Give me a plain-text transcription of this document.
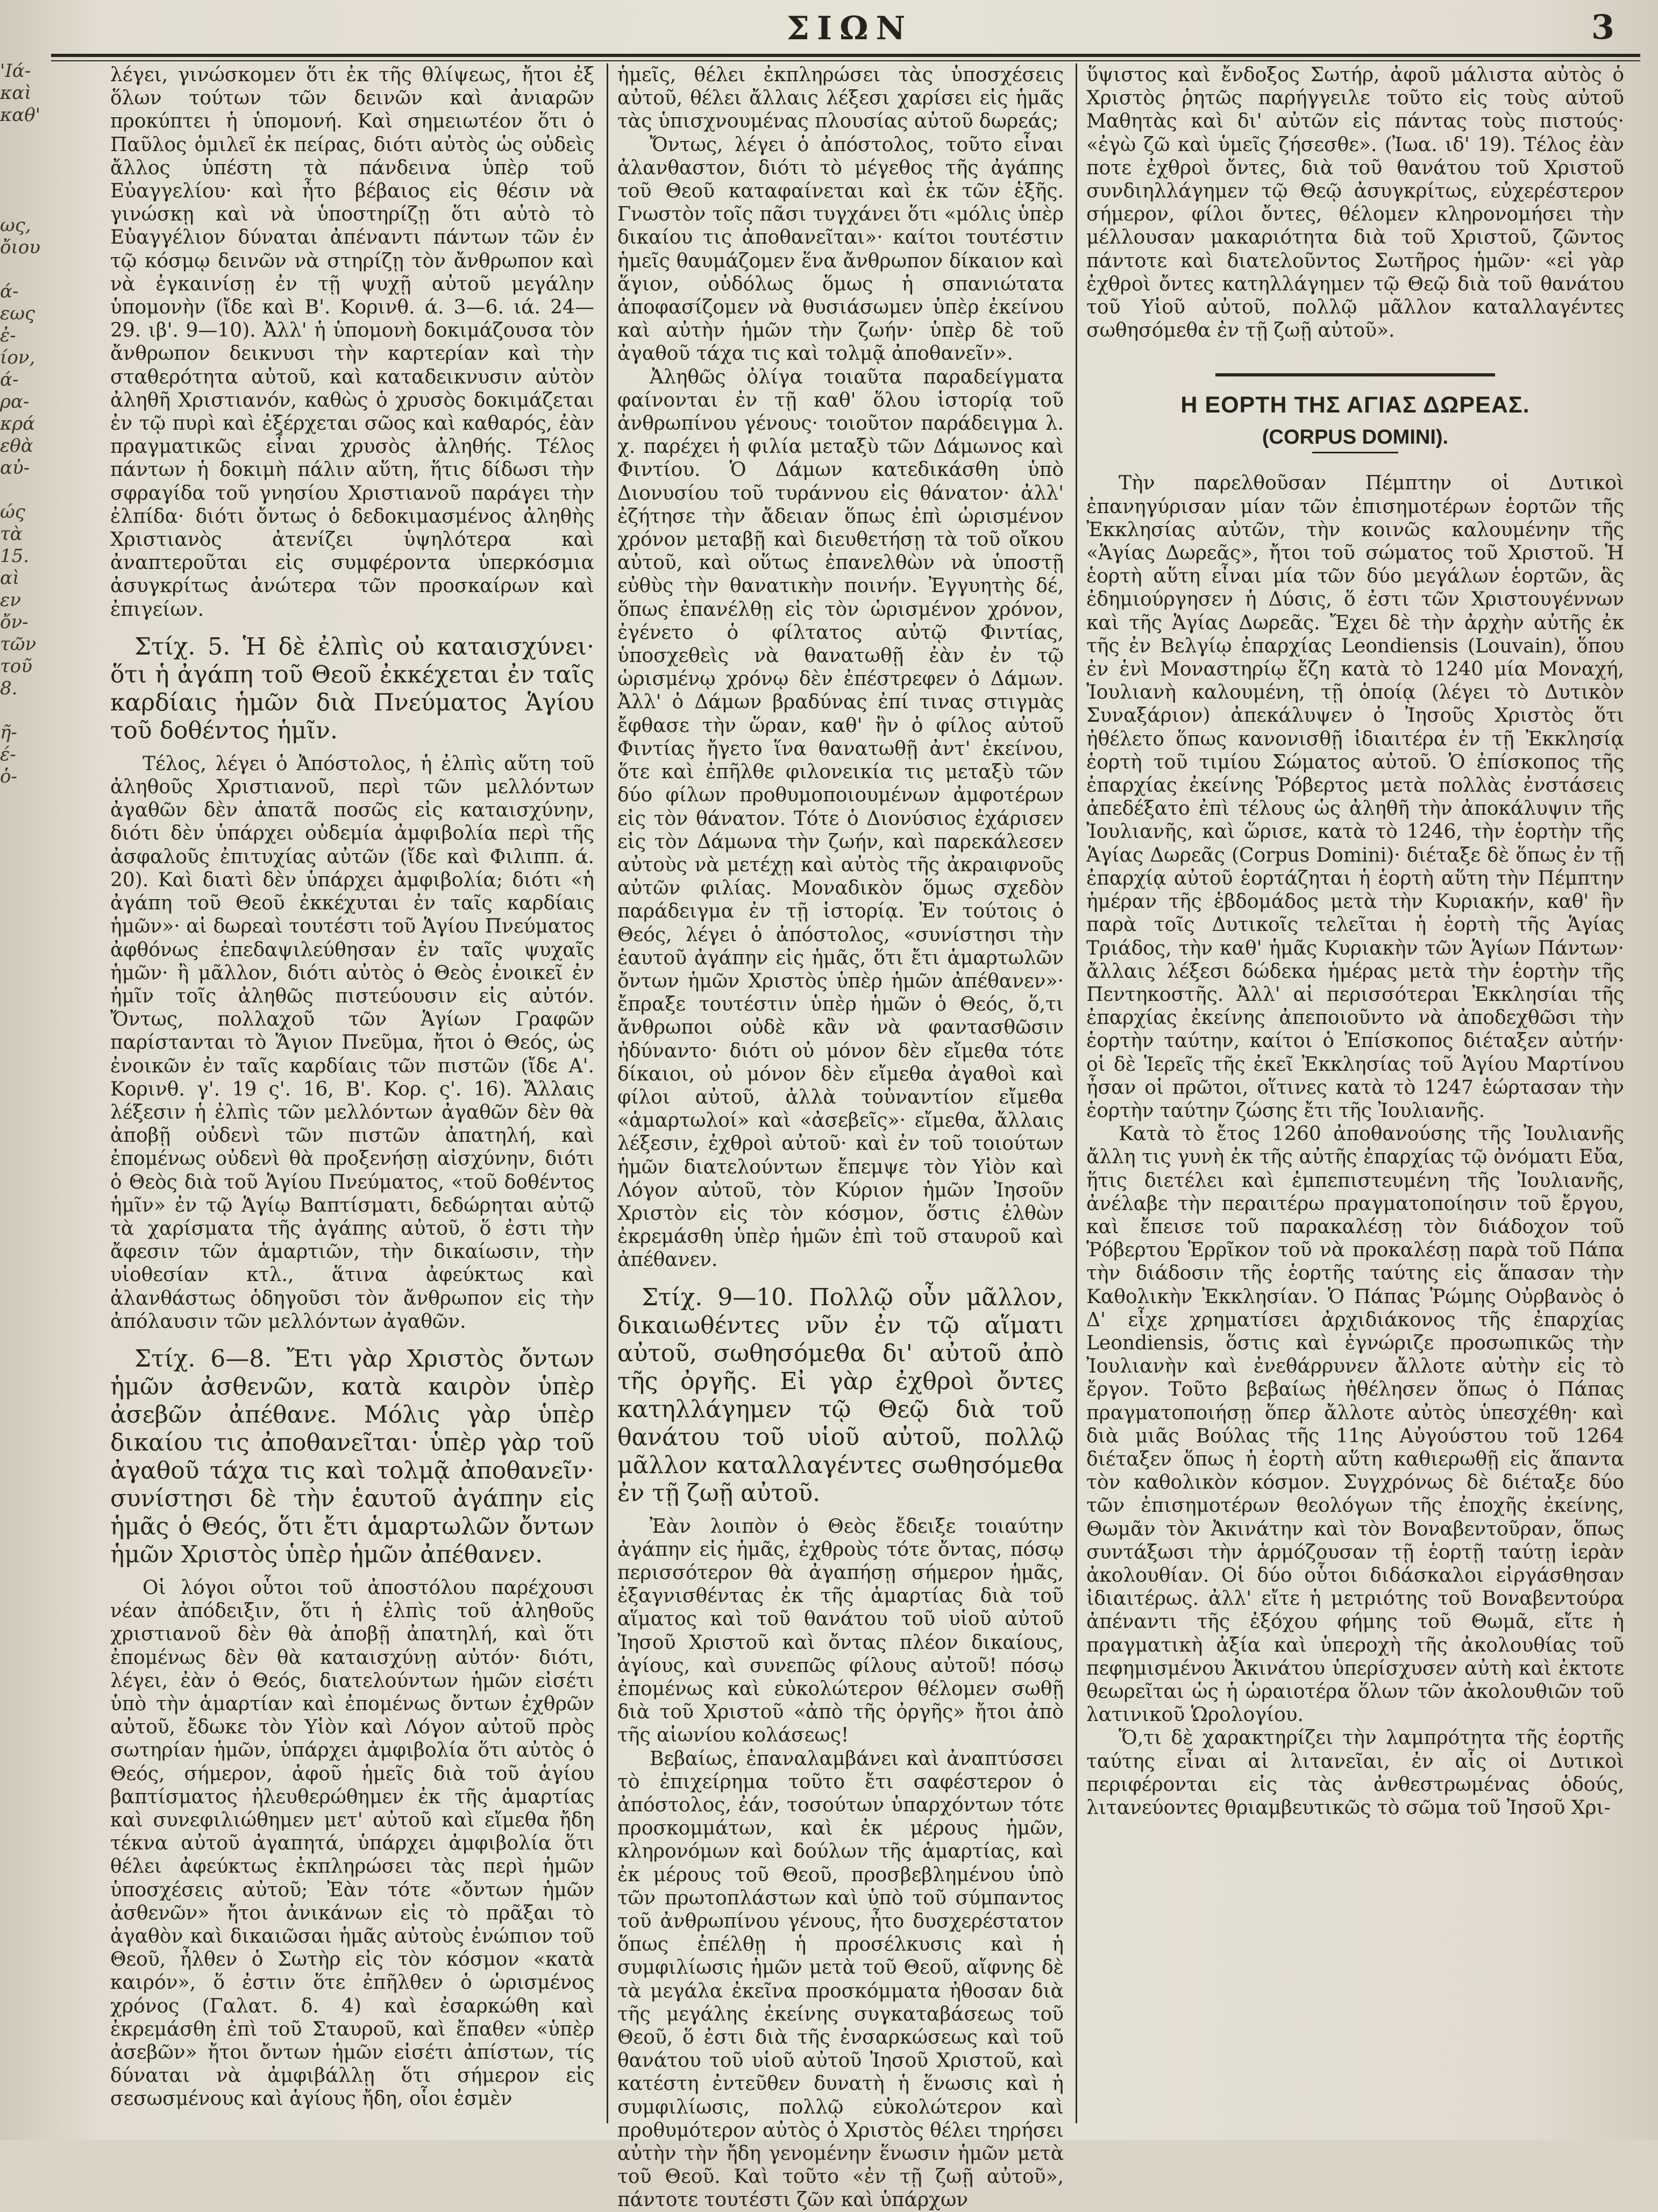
ΣΙΩΝ	3
'Ιά-
καὶ
καθ'

ως,
ὄιου

ά-
εως
ἐ-
ίον,
ά-
ρα-
κρά
εθὰ
αὐ-

ώς
τὰ
15.
αὶ
εν
ὄν-
τῶν
τοῦ
8.

ῆ-
έ-
ὁ-

λέγει, γινώσκομεν ὅτι ἐκ τῆς θλίψεως, ἤτοι ἐξ ὅλων τούτων τῶν δεινῶν καὶ ἀνιαρῶν προκύπτει ἡ ὑπομονή. Καὶ σημειωτέον ὅτι ὁ Παῦλος ὁμιλεῖ ἐκ πείρας, διότι αὐτὸς ὡς οὐδεὶς ἄλλος ὑπέστη τὰ πάνδεινα ὑπὲρ τοῦ Εὐαγγελίου· καὶ ἦτο βέβαιος εἰς θέσιν νὰ γινώσκῃ καὶ νὰ ὑποστηρίζῃ ὅτι αὐτὸ τὸ Εὐαγγέλιον δύναται ἀπέναντι πάντων τῶν ἐν τῷ κόσμῳ δεινῶν νὰ στηρίζῃ τὸν ἄνθρωπον καὶ νὰ ἐγκαινίσῃ ἐν τῇ ψυχῇ αὐτοῦ μεγάλην ὑπομονὴν (ἴδε καὶ Β'. Κορινθ. ά. 3—6. ιά. 24—29. ιβ'. 9—10). Ἀλλ' ἡ ὑπομονὴ δοκιμάζουσα τὸν ἄνθρωπον δεικνυσι τὴν καρτερίαν καὶ τὴν σταθερότητα αὐτοῦ, καὶ καταδεικνυσιν αὐτὸν ἀληθῆ Χριστιανόν, καθὼς ὁ χρυσὸς δοκιμάζεται ἐν τῷ πυρὶ καὶ ἐξέρχεται σῶος καὶ καθαρός, ἐὰν πραγματικῶς εἶναι χρυσὸς ἀληθής. Τέλος πάντων ἡ δοκιμὴ πάλιν αὕτη, ἥτις δίδωσι τὴν σφραγίδα τοῦ γνησίου Χριστιανοῦ παράγει τὴν ἐλπίδα· διότι ὄντως ὁ δεδοκιμασμένος ἀληθὴς Χριστιανὸς ἀτενίζει ὑψηλότερα καὶ ἀναπτεροῦται εἰς συμφέροντα ὑπερκόσμια ἀσυγκρίτως ἀνώτερα τῶν προσκαίρων καὶ ἐπιγείων.

Στίχ. 5. Ἡ δὲ ἐλπὶς οὐ καταισχύνει· ὅτι ἡ ἀγάπη τοῦ Θεοῦ ἐκκέχεται ἐν ταῖς καρδίαις ἡμῶν διὰ Πνεύματος Ἁγίου τοῦ δοθέντος ἡμῖν.

Τέλος, λέγει ὁ Ἀπόστολος, ἡ ἐλπὶς αὕτη τοῦ ἀληθοῦς Χριστιανοῦ, περὶ τῶν μελλόντων ἀγαθῶν δὲν ἀπατᾶ ποσῶς εἰς καταισχύνην, διότι δὲν ὑπάρχει οὐδεμία ἀμφιβολία περὶ τῆς ἀσφαλοῦς ἐπιτυχίας αὐτῶν (ἴδε καὶ Φιλιππ. ά. 20). Καὶ διατὶ δὲν ὑπάρχει ἀμφιβολία; διότι «ἡ ἀγάπη τοῦ Θεοῦ ἐκκέχυται ἐν ταῖς καρδίαις ἡμῶν»· αἱ δωρεαὶ τουτέστι τοῦ Ἁγίου Πνεύματος ἀφθόνως ἐπεδαψιλεύθησαν ἐν ταῖς ψυχαῖς ἡμῶν· ἢ μᾶλλον, διότι αὐτὸς ὁ Θεὸς ἐνοικεῖ ἐν ἡμῖν τοῖς ἀληθῶς πιστεύουσιν εἰς αὐτόν. Ὄντως, πολλαχοῦ τῶν Ἁγίων Γραφῶν παρίστανται τὸ Ἅγιον Πνεῦμα, ἤτοι ὁ Θεός, ὡς ἐνοικῶν ἐν ταῖς καρδίαις τῶν πιστῶν (ἴδε Α'. Κορινθ. γ'. 19 ς'. 16, Β'. Κορ. ς'. 16). Ἄλλαις λέξεσιν ἡ ἐλπὶς τῶν μελλόντων ἀγαθῶν δὲν θὰ ἀποβῇ οὐδενὶ τῶν πιστῶν ἀπατηλή, καὶ ἐπομένως οὐδενὶ θὰ προξενήσῃ αἰσχύνην, διότι ὁ Θεὸς διὰ τοῦ Ἁγίου Πνεύματος, «τοῦ δοθέντος ἡμῖν» ἐν τῷ Ἁγίῳ Βαπτίσματι, δεδώρηται αὐτῷ τὰ χαρίσματα τῆς ἀγάπης αὐτοῦ, ὅ ἐστι τὴν ἄφεσιν τῶν ἁμαρτιῶν, τὴν δικαίωσιν, τὴν υἱοθεσίαν κτλ., ἅτινα ἀφεύκτως καὶ ἀλανθάστως ὁδηγοῦσι τὸν ἄνθρωπον εἰς τὴν ἀπόλαυσιν τῶν μελλόντων ἀγαθῶν.

Στίχ. 6—8. Ἔτι γὰρ Χριστὸς ὄντων ἡμῶν ἀσθενῶν, κατὰ καιρὸν ὑπὲρ ἀσεβῶν ἀπέθανε. Μόλις γὰρ ὑπὲρ δικαίου τις ἀποθανεῖται· ὑπὲρ γὰρ τοῦ ἀγαθοῦ τάχα τις καὶ τολμᾷ ἀποθανεῖν· συνίστησι δὲ τὴν ἑαυτοῦ ἀγάπην εἰς ἡμᾶς ὁ Θεός, ὅτι ἔτι ἁμαρτωλῶν ὄντων ἡμῶν Χριστὸς ὑπὲρ ἡμῶν ἀπέθανεν.

Οἱ λόγοι οὗτοι τοῦ ἀποστόλου παρέχουσι νέαν ἀπόδειξιν, ὅτι ἡ ἐλπὶς τοῦ ἀληθοῦς χριστιανοῦ δὲν θὰ ἀποβῇ ἀπατηλή, καὶ ὅτι ἐπομένως δὲν θὰ καταισχύνῃ αὐτόν· διότι, λέγει, ἐὰν ὁ Θεός, διατελούντων ἡμῶν εἰσέτι ὑπὸ τὴν ἁμαρτίαν καὶ ἐπομένως ὄντων ἐχθρῶν αὐτοῦ, ἔδωκε τὸν Υἱὸν καὶ Λόγον αὐτοῦ πρὸς σωτηρίαν ἡμῶν, ὑπάρχει ἀμφιβολία ὅτι αὐτὸς ὁ Θεός, σήμερον, ἀφοῦ ἡμεῖς διὰ τοῦ ἁγίου βαπτίσματος ἠλευθερώθημεν ἐκ τῆς ἁμαρτίας καὶ συνεφιλιώθημεν μετ' αὐτοῦ καὶ εἴμεθα ἤδη τέκνα αὐτοῦ ἀγαπητά, ὑπάρχει ἀμφιβολία ὅτι θέλει ἀφεύκτως ἐκπληρώσει τὰς περὶ ἡμῶν ὑποσχέσεις αὐτοῦ; Ἐὰν τότε «ὄντων ἡμῶν ἀσθενῶν» ἤτοι ἀνικάνων εἰς τὸ πρᾶξαι τὸ ἀγαθὸν καὶ δικαιῶσαι ἡμᾶς αὐτοὺς ἐνώπιον τοῦ Θεοῦ, ἦλθεν ὁ Σωτὴρ εἰς τὸν κόσμον «κατὰ καιρόν», ὅ ἐστιν ὅτε ἐπῆλθεν ὁ ὡρισμένος χρόνος (Γαλατ. δ. 4) καὶ ἐσαρκώθη καὶ ἐκρεμάσθη ἐπὶ τοῦ Σταυροῦ, καὶ ἔπαθεν «ὑπὲρ ἀσεβῶν» ἤτοι ὄντων ἡμῶν εἰσέτι ἀπίστων, τίς δύναται νὰ ἀμφιβάλλῃ ὅτι σήμερον εἰς σεσωσμένους καὶ ἁγίους ἤδη, οἷοι ἐσμὲν

ἡμεῖς, θέλει ἐκπληρώσει τὰς ὑποσχέσεις αὐτοῦ, θέλει ἄλλαις λέξεσι χαρίσει εἰς ἡμᾶς τὰς ὑπισχνουμένας πλουσίας αὐτοῦ δωρεάς;

Ὄντως, λέγει ὁ ἀπόστολος, τοῦτο εἶναι ἀλανθαστον, διότι τὸ μέγεθος τῆς ἀγάπης τοῦ Θεοῦ καταφαίνεται καὶ ἐκ τῶν ἑξῆς. Γνωστὸν τοῖς πᾶσι τυγχάνει ὅτι «μόλις ὑπὲρ δικαίου τις ἀποθανεῖται»· καίτοι τουτέστιν ἡμεῖς θαυμάζομεν ἕνα ἄνθρωπον δίκαιον καὶ ἅγιον, οὐδόλως ὅμως ἡ σπανιώτατα ἀποφασίζομεν νὰ θυσιάσωμεν ὑπὲρ ἐκείνου καὶ αὐτὴν ἡμῶν τὴν ζωήν· ὑπὲρ δὲ τοῦ ἀγαθοῦ τάχα τις καὶ τολμᾷ ἀποθανεῖν».

Ἀληθῶς ὀλίγα τοιαῦτα παραδείγματα φαίνονται ἐν τῇ καθ' ὅλου ἱστορίᾳ τοῦ ἀνθρωπίνου γένους· τοιοῦτον παράδειγμα λ. χ. παρέχει ἡ φιλία μεταξὺ τῶν Δάμωνος καὶ Φιντίου. Ὁ Δάμων κατεδικάσθη ὑπὸ Διονυσίου τοῦ τυράννου εἰς θάνατον· ἀλλ' ἐζήτησε τὴν ἄδειαν ὅπως ἐπὶ ὡρισμένον χρόνον μεταβῇ καὶ διευθετήσῃ τὰ τοῦ οἴκου αὐτοῦ, καὶ οὕτως ἐπανελθὼν νὰ ὑποστῇ εὐθὺς τὴν θανατικὴν ποινήν. Ἐγγυητὴς δέ, ὅπως ἐπανέλθῃ εἰς τὸν ὡρισμένον χρόνον, ἐγένετο ὁ φίλτατος αὐτῷ Φιντίας, ὑποσχεθεὶς νὰ θανατωθῇ ἐὰν ἐν τῷ ὡρισμένῳ χρόνῳ δὲν ἐπέστρεφεν ὁ Δάμων. Ἀλλ' ὁ Δάμων βραδύνας ἐπί τινας στιγμὰς ἔφθασε τὴν ὥραν, καθ' ἣν ὁ φίλος αὐτοῦ Φιντίας ἤγετο ἵνα θανατωθῇ ἀντ' ἐκείνου, ὅτε καὶ ἐπῆλθε φιλονεικία τις μεταξὺ τῶν δύο φίλων προθυμοποιουμένων ἀμφοτέρων εἰς τὸν θάνατον. Τότε ὁ Διονύσιος ἐχάρισεν εἰς τὸν Δάμωνα τὴν ζωήν, καὶ παρεκάλεσεν αὐτοὺς νὰ μετέχῃ καὶ αὐτὸς τῆς ἀκραιφνοῦς αὐτῶν φιλίας. Μοναδικὸν ὅμως σχεδὸν παράδειγμα ἐν τῇ ἱστορίᾳ. Ἐν τούτοις ὁ Θεός, λέγει ὁ ἀπόστολος, «συνίστησι τὴν ἑαυτοῦ ἀγάπην εἰς ἡμᾶς, ὅτι ἔτι ἁμαρτωλῶν ὄντων ἡμῶν Χριστὸς ὑπὲρ ἡμῶν ἀπέθανεν»· ἔπραξε τουτέστιν ὑπὲρ ἡμῶν ὁ Θεός, ὅ,τι ἄνθρωποι οὐδὲ κἂν νὰ φαντασθῶσιν ἠδύναντο· διότι οὐ μόνον δὲν εἴμεθα τότε δίκαιοι, οὐ μόνον δὲν εἴμεθα ἀγαθοὶ καὶ φίλοι αὐτοῦ, ἀλλὰ τοὐναντίον εἴμεθα «ἁμαρτωλοί» καὶ «ἀσεβεῖς»· εἴμεθα, ἄλλαις λέξεσιν, ἐχθροὶ αὐτοῦ· καὶ ἐν τοῦ τοιούτων ἡμῶν διατελούντων ἔπεμψε τὸν Υἱὸν καὶ Λόγον αὐτοῦ, τὸν Κύριον ἡμῶν Ἰησοῦν Χριστὸν εἰς τὸν κόσμον, ὅστις ἐλθὼν ἐκρεμάσθη ὑπὲρ ἡμῶν ἐπὶ τοῦ σταυροῦ καὶ ἀπέθανεν.

Στίχ. 9—10. Πολλῷ οὖν μᾶλλον, δικαιωθέντες νῦν ἐν τῷ αἵματι αὐτοῦ, σωθησόμεθα δι' αὐτοῦ ἀπὸ τῆς ὀργῆς. Εἰ γὰρ ἐχθροὶ ὄντες κατηλλάγημεν τῷ Θεῷ διὰ τοῦ θανάτου τοῦ υἱοῦ αὐτοῦ, πολλῷ μᾶλλον καταλλαγέντες σωθησόμεθα ἐν τῇ ζωῇ αὐτοῦ.

Ἐὰν λοιπὸν ὁ Θεὸς ἔδειξε τοιαύτην ἀγάπην εἰς ἡμᾶς, ἐχθροὺς τότε ὄντας, πόσῳ περισσότερον θὰ ἀγαπήσῃ σήμερον ἡμᾶς, ἐξαγνισθέντας ἐκ τῆς ἁμαρτίας διὰ τοῦ αἵματος καὶ τοῦ θανάτου τοῦ υἱοῦ αὐτοῦ Ἰησοῦ Χριστοῦ καὶ ὄντας πλέον δικαίους, ἁγίους, καὶ συνεπῶς φίλους αὐτοῦ! πόσῳ ἐπομένως καὶ εὐκολώτερον θέλομεν σωθῇ διὰ τοῦ Χριστοῦ «ἀπὸ τῆς ὀργῆς» ἤτοι ἀπὸ τῆς αἰωνίου κολάσεως!

Βεβαίως, ἐπαναλαμβάνει καὶ ἀναπτύσσει τὸ ἐπιχείρημα τοῦτο ἔτι σαφέστερον ὁ ἀπόστολος, ἐάν, τοσούτων ὑπαρχόντων τότε προσκομμάτων, καὶ ἐκ μέρους ἡμῶν, κληρονόμων καὶ δούλων τῆς ἁμαρτίας, καὶ ἐκ μέρους τοῦ Θεοῦ, προσβεβλημένου ὑπὸ τῶν πρωτοπλάστων καὶ ὑπὸ τοῦ σύμπαντος τοῦ ἀνθρωπίνου γένους, ἦτο δυσχερέστατον ὅπως ἐπέλθῃ ἡ προσέλκυσις καὶ ἡ συμφιλίωσις ἡμῶν μετὰ τοῦ Θεοῦ, αἴφνης δὲ τὰ μεγάλα ἐκεῖνα προσκόμματα ἠθοσαν διὰ τῆς μεγάλης ἐκείνης συγκαταβάσεως τοῦ Θεοῦ, ὅ ἐστι διὰ τῆς ἐνσαρκώσεως καὶ τοῦ θανάτου τοῦ υἱοῦ αὐτοῦ Ἰησοῦ Χριστοῦ, καὶ κατέστη ἐντεῦθεν δυνατὴ ἡ ἕνωσις καὶ ἡ συμφιλίωσις, πολλῷ εὐκολώτερον καὶ προθυμότερον αὐτὸς ὁ Χριστὸς θέλει τηρήσει αὐτὴν τὴν ἤδη γενομένην ἕνωσιν ἡμῶν μετὰ τοῦ Θεοῦ. Καὶ τοῦτο «ἐν τῇ ζωῇ αὐτοῦ», πάντοτε τουτέστι ζῶν καὶ ὑπάρχων

ὕψιστος καὶ ἔνδοξος Σωτήρ, ἀφοῦ μάλιστα αὐτὸς ὁ Χριστὸς ῥητῶς παρήγγειλε τοῦτο εἰς τοὺς αὐτοῦ Μαθητὰς καὶ δι' αὐτῶν εἰς πάντας τοὺς πιστούς· «ἐγὼ ζῶ καὶ ὑμεῖς ζήσεσθε». (Ἰωα. ιδ' 19). Τέλος ἐὰν ποτε ἐχθροὶ ὄντες, διὰ τοῦ θανάτου τοῦ Χριστοῦ συνδιηλλάγημεν τῷ Θεῷ ἀσυγκρίτως, εὐχερέστερον σήμερον, φίλοι ὄντες, θέλομεν κληρονομήσει τὴν μέλλουσαν μακαριότητα διὰ τοῦ Χριστοῦ, ζῶντος πάντοτε καὶ διατελοῦντος Σωτῆρος ἡμῶν· «εἰ γὰρ ἐχθροὶ ὄντες κατηλλάγημεν τῷ Θεῷ διὰ τοῦ θανάτου τοῦ Υἱοῦ αὐτοῦ, πολλῷ μᾶλλον καταλλαγέντες σωθησόμεθα ἐν τῇ ζωῇ αὐτοῦ».

Η ΕΟΡΤΗ ΤΗΣ ΑΓΙΑΣ ΔΩΡΕΑΣ.
(CORPUS DOMINI).

Τὴν παρελθοῦσαν Πέμπτην οἱ Δυτικοὶ ἐπανηγύρισαν μίαν τῶν ἐπισημοτέρων ἑορτῶν τῆς Ἐκκλησίας αὐτῶν, τὴν κοινῶς καλουμένην τῆς «Ἁγίας Δωρεᾶς», ἤτοι τοῦ σώματος τοῦ Χριστοῦ. Ἡ ἑορτὴ αὕτη εἶναι μία τῶν δύο μεγάλων ἑορτῶν, ἃς ἐδημιούργησεν ἡ Δύσις, ὅ ἐστι τῶν Χριστουγέννων καὶ τῆς Ἁγίας Δωρεᾶς. Ἔχει δὲ τὴν ἀρχὴν αὐτῆς ἐκ τῆς ἐν Βελγίῳ ἐπαρχίας Leondiensis (Louvain), ὅπου ἐν ἑνὶ Μοναστηρίῳ ἔζη κατὰ τὸ 1240 μία Μοναχή, Ἰουλιανὴ καλουμένη, τῇ ὁποίᾳ (λέγει τὸ Δυτικὸν Συναξάριον) ἀπεκάλυψεν ὁ Ἰησοῦς Χριστὸς ὅτι ἠθέλετο ὅπως κανονισθῇ ἰδιαιτέρα ἐν τῇ Ἐκκλησίᾳ ἑορτὴ τοῦ τιμίου Σώματος αὐτοῦ. Ὁ ἐπίσκοπος τῆς ἐπαρχίας ἐκείνης Ῥόβερτος μετὰ πολλὰς ἐνστάσεις ἀπεδέξατο ἐπὶ τέλους ὡς ἀληθῆ τὴν ἀποκάλυψιν τῆς Ἰουλιανῆς, καὶ ὥρισε, κατὰ τὸ 1246, τὴν ἑορτὴν τῆς Ἁγίας Δωρεᾶς (Corpus Domini)· διέταξε δὲ ὅπως ἐν τῇ ἐπαρχίᾳ αὐτοῦ ἑορτάζηται ἡ ἑορτὴ αὕτη τὴν Πέμπτην ἡμέραν τῆς ἑβδομάδος μετὰ τὴν Κυριακήν, καθ' ἣν παρὰ τοῖς Δυτικοῖς τελεῖται ἡ ἑορτὴ τῆς Ἁγίας Τριάδος, τὴν καθ' ἡμᾶς Κυριακὴν τῶν Ἁγίων Πάντων· ἄλλαις λέξεσι δώδεκα ἡμέρας μετὰ τὴν ἑορτὴν τῆς Πεντηκοστῆς. Ἀλλ' αἱ περισσότεραι Ἐκκλησίαι τῆς ἐπαρχίας ἐκείνης ἀπεποιοῦντο νὰ ἀποδεχθῶσι τὴν ἑορτὴν ταύτην, καίτοι ὁ Ἐπίσκοπος διέταξεν αὐτήν· οἱ δὲ Ἱερεῖς τῆς ἐκεῖ Ἐκκλησίας τοῦ Ἁγίου Μαρτίνου ἦσαν οἱ πρῶτοι, οἵτινες κατὰ τὸ 1247 ἑώρτασαν τὴν ἑορτὴν ταύτην ζώσης ἔτι τῆς Ἰουλιανῆς.

Κατὰ τὸ ἔτος 1260 ἀποθανούσης τῆς Ἰουλιανῆς ἄλλη τις γυνὴ ἐκ τῆς αὐτῆς ἐπαρχίας τῷ ὀνόματι Εὔα, ἥτις διετέλει καὶ ἐμπεπιστευμένη τῆς Ἰουλιανῆς, ἀνέλαβε τὴν περαιτέρω πραγματοποίησιν τοῦ ἔργου, καὶ ἔπεισε τοῦ παρακαλέσῃ τὸν διάδοχον τοῦ Ῥόβερτου Ἑρρῖκον τοῦ νὰ προκαλέσῃ παρὰ τοῦ Πάπα τὴν διάδοσιν τῆς ἑορτῆς ταύτης εἰς ἅπασαν τὴν Καθολικὴν Ἐκκλησίαν. Ὁ Πάπας Ῥώμης Οὐρβανὸς ὁ Δ' εἶχε χρηματίσει ἀρχιδιάκονος τῆς ἐπαρχίας Leondiensis, ὅστις καὶ ἐγνώριζε προσωπικῶς τὴν Ἰουλιανὴν καὶ ἐνεθάρρυνεν ἄλλοτε αὐτὴν εἰς τὸ ἔργον. Τοῦτο βεβαίως ἠθέλησεν ὅπως ὁ Πάπας πραγματοποιήσῃ ὅπερ ἄλλοτε αὐτὸς ὑπεσχέθη· καὶ διὰ μιᾶς Βούλας τῆς 11ης Αὐγούστου τοῦ 1264 διέταξεν ὅπως ἡ ἑορτὴ αὕτη καθιερωθῇ εἰς ἅπαντα τὸν καθολικὸν κόσμον. Συγχρόνως δὲ διέταξε δύο τῶν ἐπισημοτέρων θεολόγων τῆς ἐποχῆς ἐκείνης, Θωμᾶν τὸν Ἀκινάτην καὶ τὸν Βοναβεντοῦραν, ὅπως συντάξωσι τὴν ἁρμόζουσαν τῇ ἑορτῇ ταύτῃ ἱερὰν ἀκολουθίαν. Οἱ δύο οὗτοι διδάσκαλοι εἰργάσθησαν ἰδιαιτέρως. ἀλλ' εἴτε ἡ μετριότης τοῦ Βοναβεντούρα ἀπέναντι τῆς ἐξόχου φήμης τοῦ Θωμᾶ, εἴτε ἡ πραγματικὴ ἀξία καὶ ὑπεροχὴ τῆς ἀκολουθίας τοῦ πεφημισμένου Ἀκινάτου ὑπερίσχυσεν αὐτὴ καὶ ἐκτοτε θεωρεῖται ὡς ἡ ὡραιοτέρα ὅλων τῶν ἀκολουθιῶν τοῦ λατινικοῦ Ὡρολογίου.

Ὅ,τι δὲ χαρακτηρίζει τὴν λαμπρότητα τῆς ἑορτῆς ταύτης εἶναι αἱ λιτανεῖαι, ἐν αἷς οἱ Δυτικοὶ περιφέρονται εἰς τὰς ἀνθεστρωμένας ὁδούς, λιτανεύοντες θριαμβευτικῶς τὸ σῶμα τοῦ Ἰησοῦ Χρι-
